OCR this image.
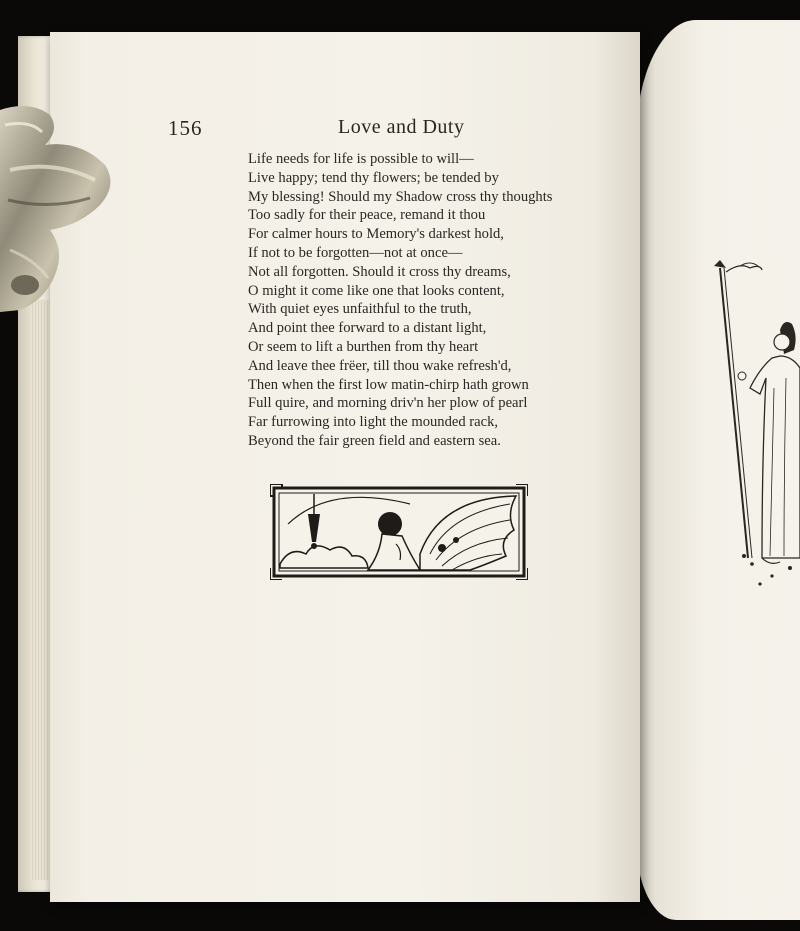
156	Love and Duty
Life needs for life is possible to will—
Live happy; tend thy flowers; be tended by
My blessing! Should my Shadow cross thy thoughts
Too sadly for their peace, remand it thou
For calmer hours to Memory's darkest hold,
If not to be forgotten—not at once—
Not all forgotten. Should it cross thy dreams,
O might it come like one that looks content,
With quiet eyes unfaithful to the truth,
And point thee forward to a distant light,
Or seem to lift a burthen from thy heart
And leave thee frëer, till thou wake refresh'd,
Then when the first low matin-chirp hath grown
Full quire, and morning driv'n her plow of pearl
Far furrowing into light the mounded rack,
Beyond the fair green field and eastern sea.
